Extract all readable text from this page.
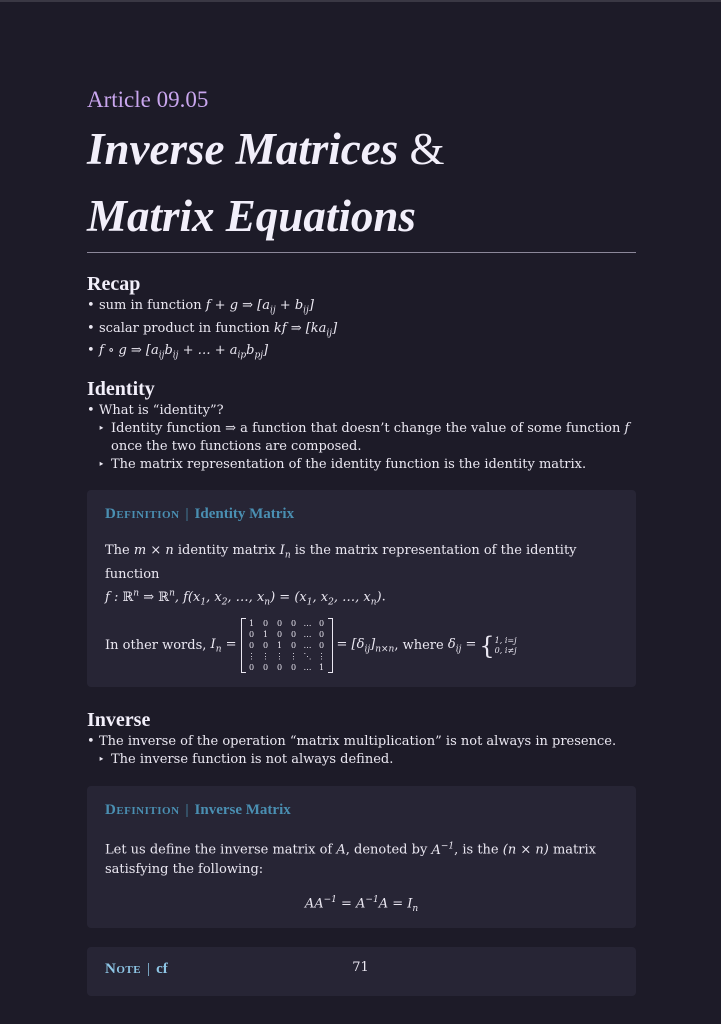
Article 09.05
Inverse Matrices &
Matrix Equations
Recap
• sum in function f + g ⇒ $[a_{ij} + b_{ij}]$
• scalar product in function kf ⇒ $[ka_{ij}]$
• f ∘ g ⇒ [$a_{ij}b_{ij}$ + … + $a_{ip}b_{pj}$]
Identity
• What is “identity”?
‣ Identity function ⇒ a function that doesn’t change the value of some function f
once the two functions are composed.
‣ The matrix representation of the identity function is the identity matrix.
Definition | Identity Matrix
The m × n identity matrix $I_n$ is the matrix representation of the identity function
f : ℝ$^n$ ⇒ ℝ$^n$, $f(x_1$, $x_2$, …, $x_n) = (x_1$, $x_2$, …, $x_n$).
In other words,
$I_n$ =
1	0	0	0	…	0
0	1	0	0	…	0
0	0	1	0	…	0
⋮	⋮	⋮	⋮	⋱	⋮
0	0	0	0	…	1
= $[\delta_{ij}]_{n\times n}$ , where
$\delta_{ij}$ = { 1, i=j
0, i≠j
Inverse
• The inverse of the operation “matrix multiplication” is not always in presence.
‣ The inverse function is not always defined.
Definition | Inverse Matrix
Let us define the inverse matrix of A, denoted by $A^{-1}$, is the (n × n) matrix
satisfying the following:
$AA^{-1} = A^{-1}A = I_n$
Note | cf	71
